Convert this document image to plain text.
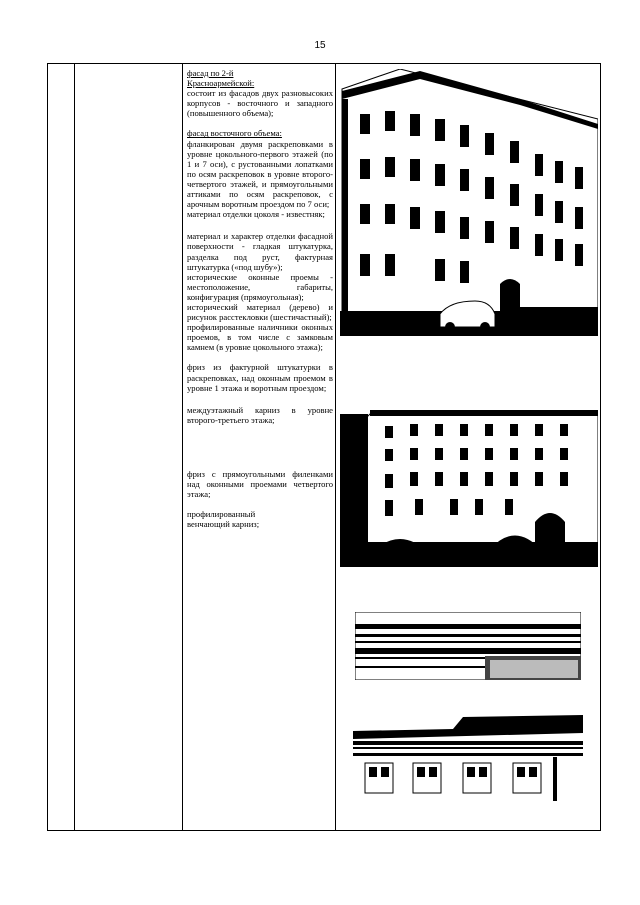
15

фасад по 2-й

Красноармейской:

состоит из фасадов двух разновысоких корпусов - восточного и западного (повышенного объема);

фасад восточного объема:

фланкирован двумя раскрепoвками в уровне цокольного-первого этажей (по 1 и 7 оси), с рустованными лопатками по осям раскреповок в уровне второго-четвертого этажей, и прямоугольными аттиками по осям раскреповок, с арочным воротным проездом по 7 оси;

материал отделки цоколя - известняк;

материал и характер отделки фасадной поверхности - гладкая штукатурка, разделка под руст, фактурная штукатурка («под шубу»);

исторические оконные проемы - местоположение, габариты, конфигурация (прямоугольная);

исторический материал (дерево) и рисунок расстекловки (шестичастный);

профилированные наличники оконных проемов, в том числе с замковым камнем (в уровне цокольного этажа);

фриз из фактурной штукатурки в раскреповках, над оконным проемом в уровне 1 этажа и воротным проездом;

междуэтажный карниз в уровне второго-третьего этажа;

фриз с прямоугольными филенками над оконными проемами четвертого этажа;

профилированный

венчающий карниз;
